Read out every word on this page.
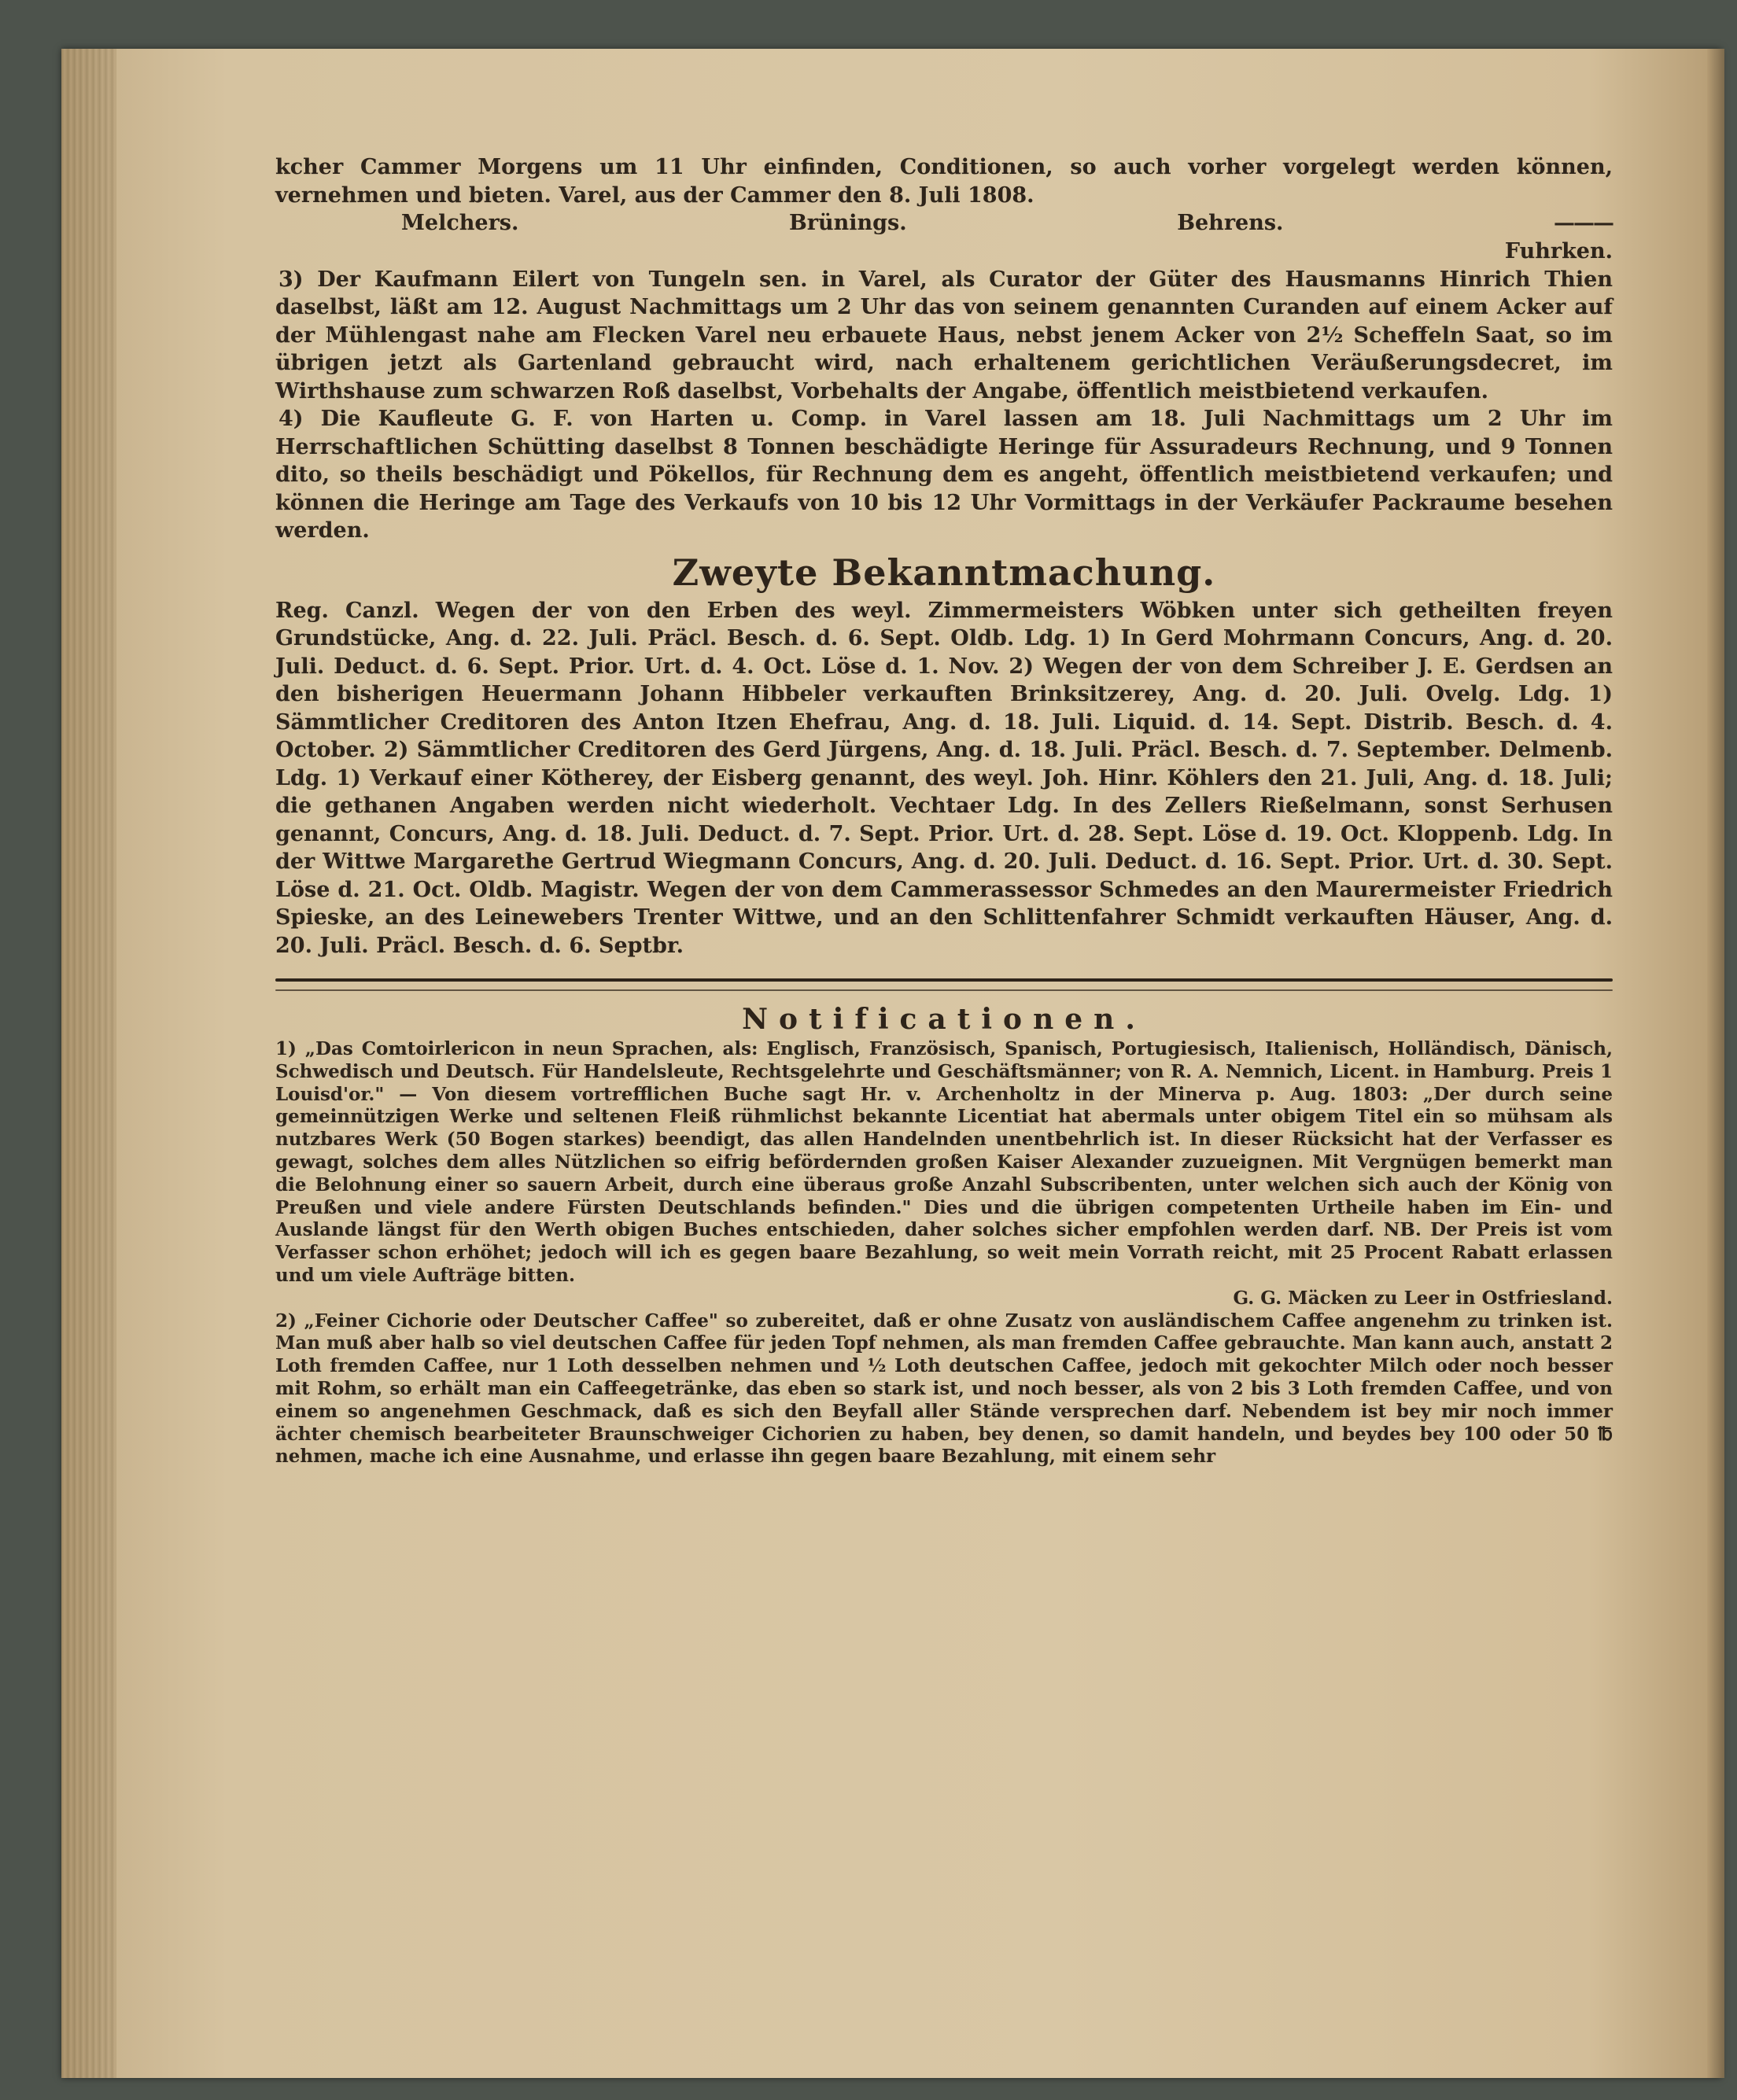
kcher Cammer Morgens um 11 Uhr einfinden, Conditionen, so auch vorher vorgelegt werden können, vernehmen und bieten. Varel, aus der Cammer den 8. Juli 1808.

Melchers.	Brünings.	Behrens.	———

Fuhrken.

3) Der Kaufmann Eilert von Tungeln sen. in Varel, als Curator der Güter des Hausmanns Hinrich Thien daselbst, läßt am 12. August Nachmittags um 2 Uhr das von seinem genannten Curanden auf einem Acker auf der Mühlengast nahe am Flecken Varel neu erbauete Haus, nebst jenem Acker von 2½ Scheffeln Saat, so im übrigen jetzt als Gartenland gebraucht wird, nach erhaltenem gerichtlichen Veräußerungsdecret, im Wirthshause zum schwarzen Roß daselbst, Vorbehalts der Angabe, öffentlich meistbietend verkaufen.

4) Die Kaufleute G. F. von Harten u. Comp. in Varel lassen am 18. Juli Nachmittags um 2 Uhr im Herrschaftlichen Schütting daselbst 8 Tonnen beschädigte Heringe für Assuradeurs Rechnung, und 9 Tonnen dito, so theils beschädigt und Pökellos, für Rechnung dem es angeht, öffentlich meistbietend verkaufen; und können die Heringe am Tage des Verkaufs von 10 bis 12 Uhr Vormittags in der Verkäufer Packraume besehen werden.

Zweyte Bekanntmachung.

Reg. Canzl. Wegen der von den Erben des weyl. Zimmermeisters Wöbken unter sich getheilten freyen Grundstücke, Ang. d. 22. Juli. Präcl. Besch. d. 6. Sept. Oldb. Ldg. 1) In Gerd Mohrmann Concurs, Ang. d. 20. Juli. Deduct. d. 6. Sept. Prior. Urt. d. 4. Oct. Löse d. 1. Nov. 2) Wegen der von dem Schreiber J. E. Gerdsen an den bisherigen Heuermann Johann Hibbeler verkauften Brinksitzerey, Ang. d. 20. Juli. Ovelg. Ldg. 1) Sämmtlicher Creditoren des Anton Itzen Ehefrau, Ang. d. 18. Juli. Liquid. d. 14. Sept. Distrib. Besch. d. 4. October. 2) Sämmtlicher Creditoren des Gerd Jürgens, Ang. d. 18. Juli. Präcl. Besch. d. 7. September. Delmenb. Ldg. 1) Verkauf einer Kötherey, der Eisberg genannt, des weyl. Joh. Hinr. Köhlers den 21. Juli, Ang. d. 18. Juli; die gethanen Angaben werden nicht wiederholt. Vechtaer Ldg. In des Zellers Rießelmann, sonst Serhusen genannt, Concurs, Ang. d. 18. Juli. Deduct. d. 7. Sept. Prior. Urt. d. 28. Sept. Löse d. 19. Oct. Kloppenb. Ldg. In der Wittwe Margarethe Gertrud Wiegmann Concurs, Ang. d. 20. Juli. Deduct. d. 16. Sept. Prior. Urt. d. 30. Sept. Löse d. 21. Oct. Oldb. Magistr. Wegen der von dem Cammerassessor Schmedes an den Maurermeister Friedrich Spieske, an des Leinewebers Trenter Wittwe, und an den Schlittenfahrer Schmidt verkauften Häuser, Ang. d. 20. Juli. Präcl. Besch. d. 6. Septbr.

Notificationen.

1) „Das Comtoirlericon in neun Sprachen, als: Englisch, Französisch, Spanisch, Portugiesisch, Italienisch, Holländisch, Dänisch, Schwedisch und Deutsch. Für Handelsleute, Rechtsgelehrte und Geschäftsmänner; von R. A. Nemnich, Licent. in Hamburg. Preis 1 Louisd'or." — Von diesem vortrefflichen Buche sagt Hr. v. Archenholtz in der Minerva p. Aug. 1803: „Der durch seine gemeinnützigen Werke und seltenen Fleiß rühmlichst bekannte Licentiat hat abermals unter obigem Titel ein so mühsam als nutzbares Werk (50 Bogen starkes) beendigt, das allen Handelnden unentbehrlich ist. In dieser Rücksicht hat der Verfasser es gewagt, solches dem alles Nützlichen so eifrig befördernden großen Kaiser Alexander zuzueignen. Mit Vergnügen bemerkt man die Belohnung einer so sauern Arbeit, durch eine überaus große Anzahl Subscribenten, unter welchen sich auch der König von Preußen und viele andere Fürsten Deutschlands befinden." Dies und die übrigen competenten Urtheile haben im Ein- und Auslande längst für den Werth obigen Buches entschieden, daher solches sicher empfohlen werden darf. NB. Der Preis ist vom Verfasser schon erhöhet; jedoch will ich es gegen baare Bezahlung, so weit mein Vorrath reicht, mit 25 Procent Rabatt erlassen und um viele Aufträge bitten.

G. G. Mäcken zu Leer in Ostfriesland.

2) „Feiner Cichorie oder Deutscher Caffee" so zubereitet, daß er ohne Zusatz von ausländischem Caffee angenehm zu trinken ist. Man muß aber halb so viel deutschen Caffee für jeden Topf nehmen, als man fremden Caffee gebrauchte. Man kann auch, anstatt 2 Loth fremden Caffee, nur 1 Loth desselben nehmen und ½ Loth deutschen Caffee, jedoch mit gekochter Milch oder noch besser mit Rohm, so erhält man ein Caffeegetränke, das eben so stark ist, und noch besser, als von 2 bis 3 Loth fremden Caffee, und von einem so angenehmen Geschmack, daß es sich den Beyfall aller Stände versprechen darf. Nebendem ist bey mir noch immer ächter chemisch bearbeiteter Braunschweiger Cichorien zu haben, bey denen, so damit handeln, und beydes bey 100 oder 50 ℔ nehmen, mache ich eine Ausnahme, und erlasse ihn gegen baare Bezahlung, mit einem sehr
